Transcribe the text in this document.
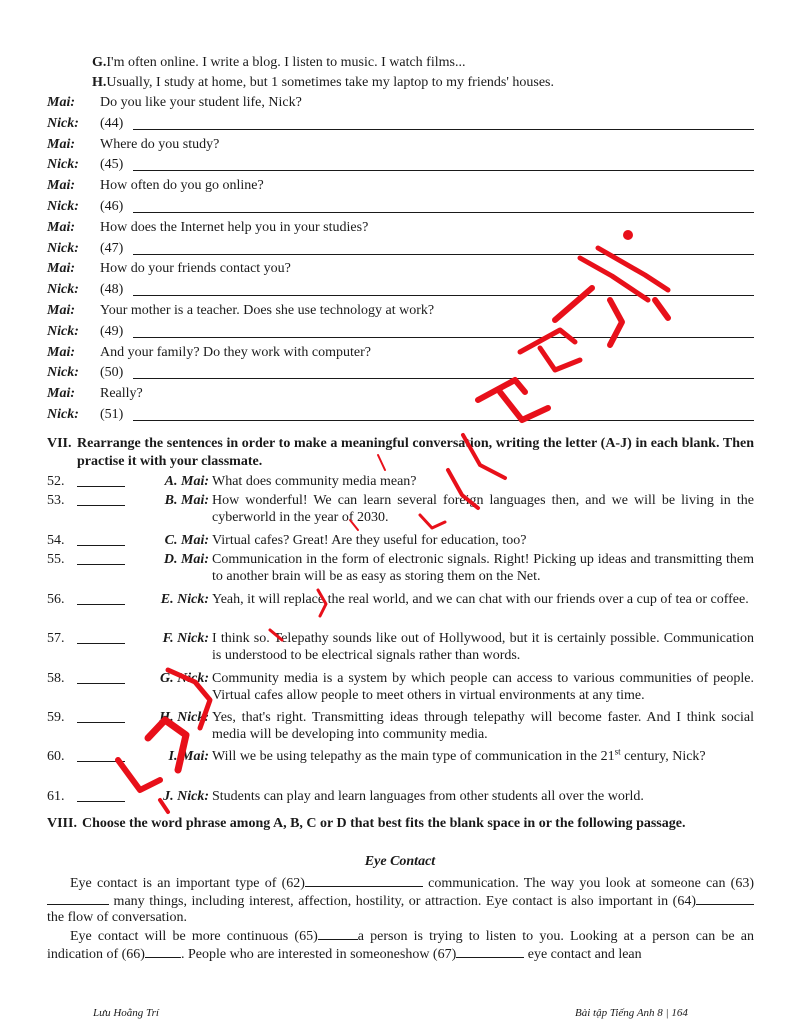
G.I'm often online. I write a blog. I listen to music. I watch films...
H.Usually, I study at home, but 1 sometimes take my laptop to my friends' houses.
Mai: Do you like your student life, Nick?
Nick: (44)
Mai: Where do you study?
Nick: (45)
Mai: How often do you go online?
Nick: (46)
Mai: How does the Internet help you in your studies?
Nick: (47)
Mai: How do your friends contact you?
Nick: (48)
Mai: Your mother is a teacher. Does she use technology at work?
Nick: (49)
Mai: And your family? Do they work with computer?
Nick: (50)
Mai: Really?
Nick: (51)
VII. Rearrange the sentences in order to make a meaningful conversation, writing the letter (A-J) in each blank. Then practise it with your classmate.
52.	A. Mai: What does community media mean?
53.	B. Mai: How wonderful! We can learn several foreign languages then, and we will be living in the cyberworld in the year of 2030.
54.	C. Mai: Virtual cafes? Great! Are they useful for education, too?
55.	D. Mai: Communication in the form of electronic signals. Right! Picking up ideas and transmitting them to another brain will be as easy as storing them on the Net.
56.	E. Nick: Yeah, it will replace the real world, and we can chat with our friends over a cup of tea or coffee.
57.	F. Nick: I think so. Telepathy sounds like out of Hollywood, but it is certainly possible. Communication is understood to be electrical signals rather than words.
58.	G. Nick: Community media is a system by which people can access to various communities of people. Virtual cafes allow people to meet others in virtual environments at any time.
59.	H. Nick: Yes, that's right. Transmitting ideas through telepathy will become faster. And I think social media will be developing into community media.
60.	I. Mai: Will we be using telepathy as the main type of communication in the 21st century, Nick?
61.	J. Nick: Students can play and learn languages from other students all over the world.
VIII. Choose the word phrase among A, B, C or D that best fits the blank space in or the following passage.
Eye Contact
Eye contact is an important type of (62)	communication. The way you look at someone can (63) many things, including interest, affection, hostility, or attraction. Eye contact is also important in (64)the flow of conversation.
Eye contact will be more continuous (65)	a person is trying to listen to you. Looking at a person can be an indication of (66)	. People who are interested in someoneshow (67)	eye contact and lean
Lưu Hoằng Trí	Bài tập Tiếng Anh 8 | 164
